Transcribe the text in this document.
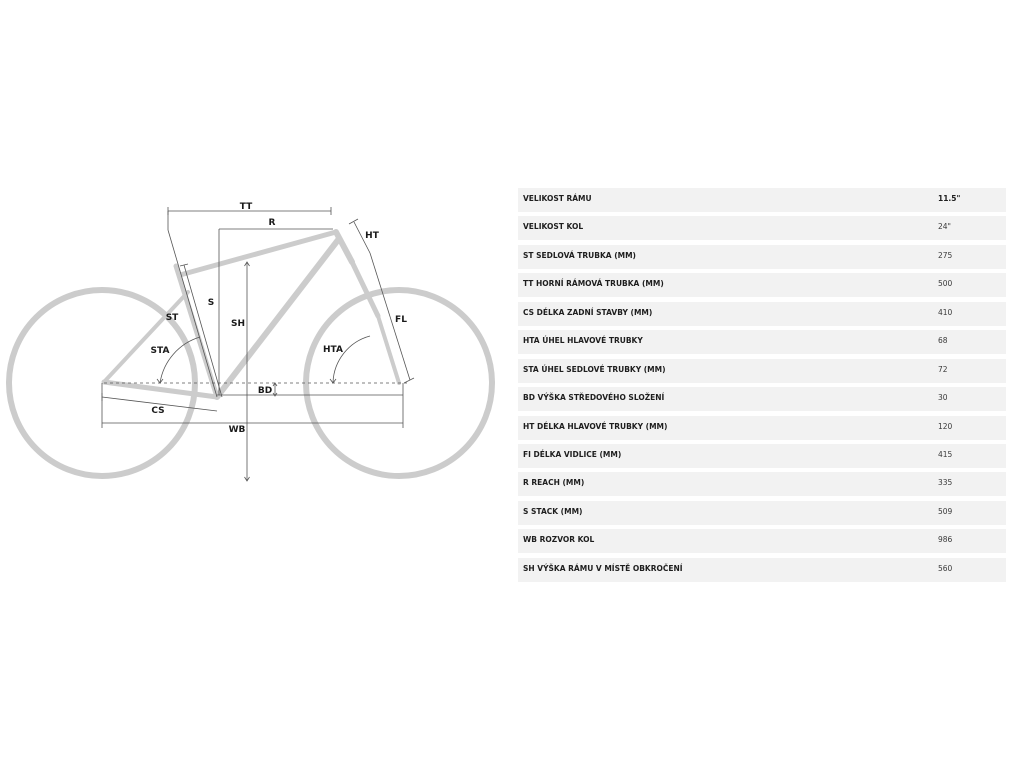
TT
R
HT
S
SH
ST
STA
FL
HTA
BD
CS
WB
VELIKOST RÁMU	11.5"
VELIKOST KOL	24"
ST SEDLOVÁ TRUBKA (MM)	275
TT HORNÍ RÁMOVÁ TRUBKA (MM)	500
CS DÉLKA ZADNÍ STAVBY (MM)	410
HTA ÚHEL HLAVOVÉ TRUBKY	68
STA ÚHEL SEDLOVÉ TRUBKY (MM)	72
BD VÝŠKA STŘEDOVÉHO SLOŽENÍ	30
HT DÉLKA HLAVOVÉ TRUBKY (MM)	120
FI DÉLKA VIDLICE (MM)	415
R REACH (MM)	335
S STACK (MM)	509
WB ROZVOR KOL	986
SH VÝŠKA RÁMU V MÍSTĚ OBKROČENÍ	560
